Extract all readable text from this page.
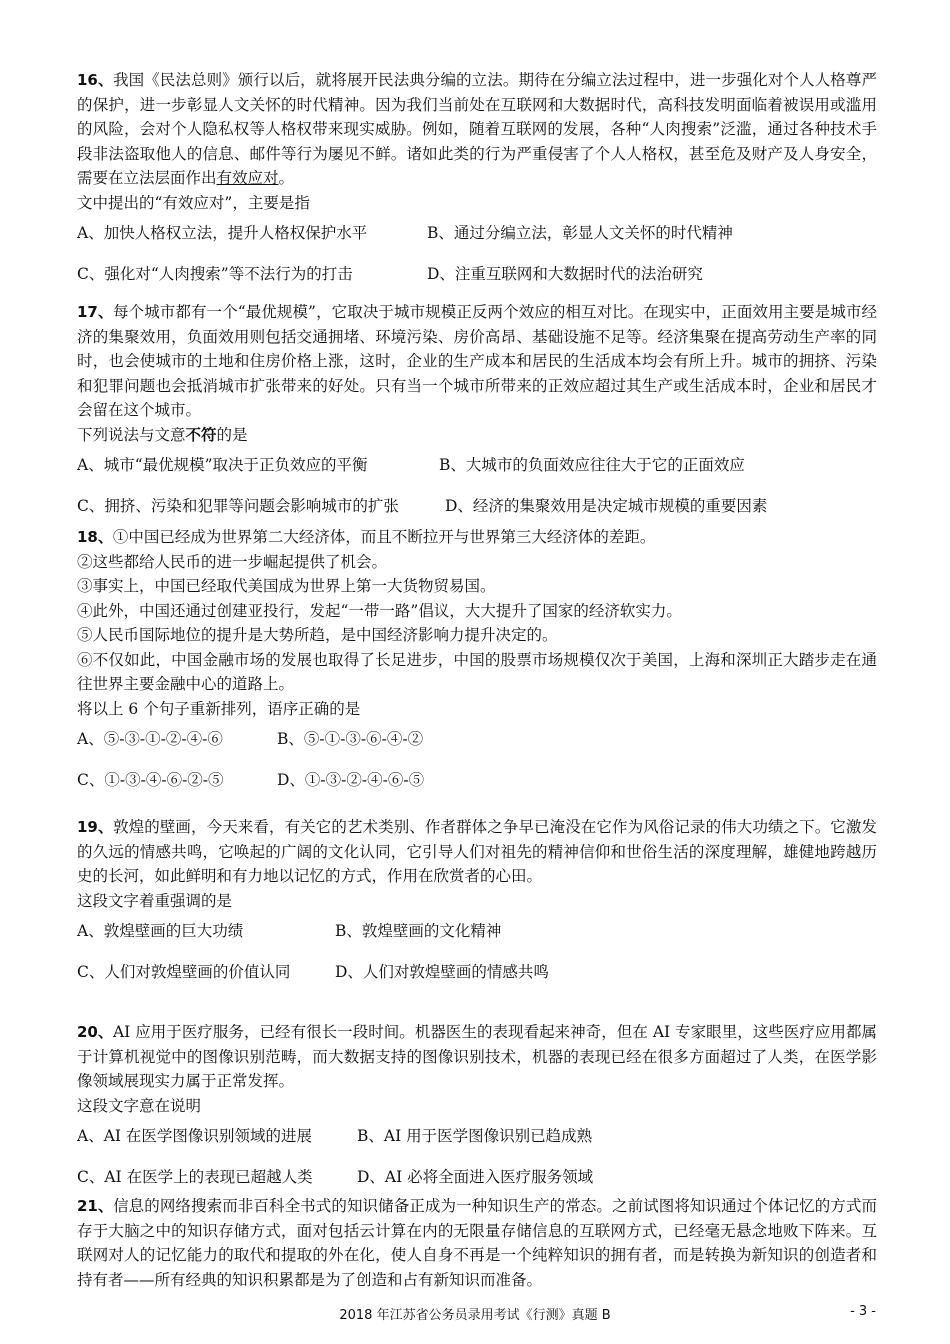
16、我国《民法总则》颁行以后，就将展开民法典分编的立法。期待在分编立法过程中，进一步强化对个人人格尊严的保护，进一步彰显人文关怀的时代精神。因为我们当前处在互联网和大数据时代，高科技发明面临着被误用或滥用的风险，会对个人隐私权等人格权带来现实威胁。例如，随着互联网的发展，各种“人肉搜索”泛滥，通过各种技术手段非法盗取他人的信息、邮件等行为屡见不鲜。诸如此类的行为严重侵害了个人人格权，甚至危及财产及人身安全，需要在立法层面作出有效应对。

文中提出的“有效应对”，主要是指

A、加快人格权立法，提升人格权保护水平	B、通过分编立法，彰显人文关怀的时代精神
C、强化对“人肉搜索”等不法行为的打击	D、注重互联网和大数据时代的法治研究

17、每个城市都有一个“最优规模”，它取决于城市规模正反两个效应的相互对比。在现实中，正面效用主要是城市经济的集聚效用，负面效用则包括交通拥堵、环境污染、房价高昂、基础设施不足等。经济集聚在提高劳动生产率的同时，也会使城市的土地和住房价格上涨，这时，企业的生产成本和居民的生活成本均会有所上升。城市的拥挤、污染和犯罪问题也会抵消城市扩张带来的好处。只有当一个城市所带来的正效应超过其生产或生活成本时，企业和居民才会留在这个城市。

下列说法与文意不符的是

A、城市“最优规模”取决于正负效应的平衡	B、大城市的负面效应往往大于它的正面效应
C、拥挤、污染和犯罪等问题会影响城市的扩张	D、经济的集聚效用是决定城市规模的重要因素

18、①中国已经成为世界第二大经济体，而且不断拉开与世界第三大经济体的差距。

②这些都给人民币的进一步崛起提供了机会。

③事实上，中国已经取代美国成为世界上第一大货物贸易国。

④此外，中国还通过创建亚投行，发起“一带一路”倡议，大大提升了国家的经济软实力。

⑤人民币国际地位的提升是大势所趋，是中国经济影响力提升决定的。

⑥不仅如此，中国金融市场的发展也取得了长足进步，中国的股票市场规模仅次于美国，上海和深圳正大踏步走在通往世界主要金融中心的道路上。

将以上 6 个句子重新排列，语序正确的是

A、⑤-③-①-②-④-⑥	B、⑤-①-③-⑥-④-②
C、①-③-④-⑥-②-⑤	D、①-③-②-④-⑥-⑤

19、敦煌的壁画，今天来看，有关它的艺术类别、作者群体之争早已淹没在它作为风俗记录的伟大功绩之下。它激发的久远的情感共鸣，它唤起的广阔的文化认同，它引导人们对祖先的精神信仰和世俗生活的深度理解，雄健地跨越历史的长河，如此鲜明和有力地以记忆的方式，作用在欣赏者的心田。

这段文字着重强调的是

A、敦煌壁画的巨大功绩	B、敦煌壁画的文化精神
C、人们对敦煌壁画的价值认同	D、人们对敦煌壁画的情感共鸣

20、AI 应用于医疗服务，已经有很长一段时间。机器医生的表现看起来神奇，但在 AI 专家眼里，这些医疗应用都属于计算机视觉中的图像识别范畴，而大数据支持的图像识别技术，机器的表现已经在很多方面超过了人类，在医学影像领域展现实力属于正常发挥。

这段文字意在说明

A、AI 在医学图像识别领域的进展	B、AI 用于医学图像识别已趋成熟
C、AI 在医学上的表现已超越人类	D、AI 必将全面进入医疗服务领域

21、信息的网络搜索而非百科全书式的知识储备正成为一种知识生产的常态。之前试图将知识通过个体记忆的方式而存于大脑之中的知识存储方式，面对包括云计算在内的无限量存储信息的互联网方式，已经毫无悬念地败下阵来。互联网对人的记忆能力的取代和提取的外在化，使人自身不再是一个纯粹知识的拥有者，而是转换为新知识的创造者和持有者——所有经典的知识积累都是为了创造和占有新知识而准备。

2018 年江苏省公务员录用考试《行测》真题 B	- 3 -
